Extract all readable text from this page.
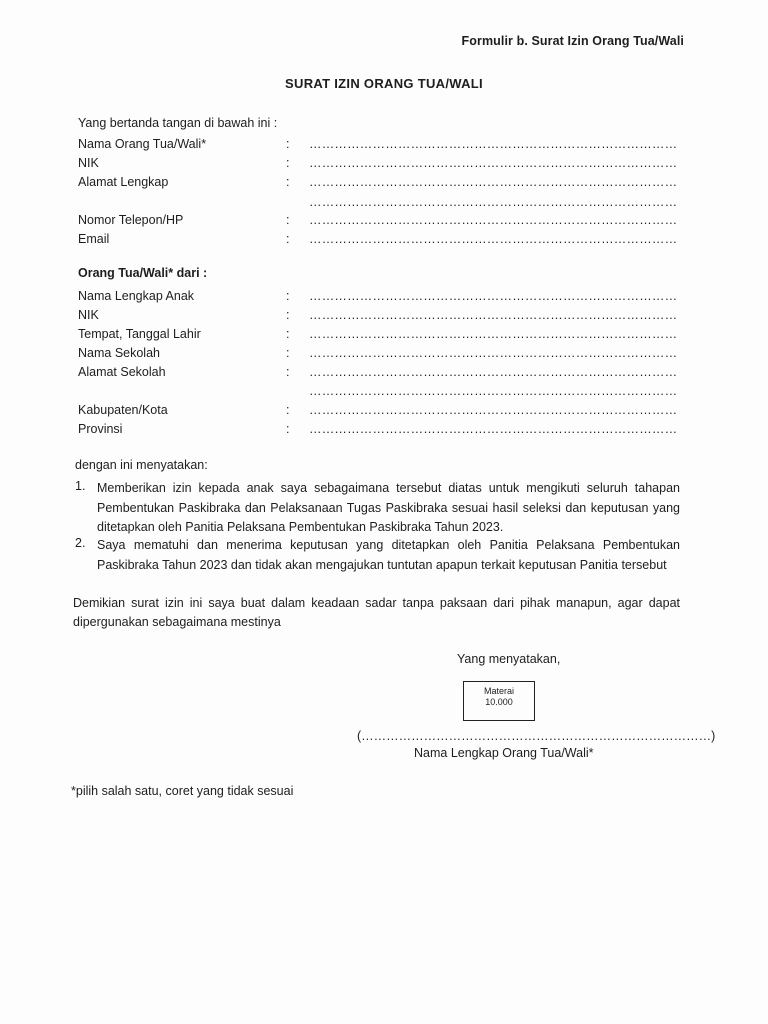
Formulir b. Surat Izin Orang Tua/Wali
SURAT IZIN ORANG TUA/WALI
Yang bertanda tangan di bawah ini :
Nama Orang Tua/Wali*	: ……………………………………………………………………………
NIK	: ……………………………………………………………………………
Alamat Lengkap	: ……………………………………………………………………………
……………………………………………………………………………
Nomor Telepon/HP	: ……………………………………………………………………………
Email	: ……………………………………………………………………………
Orang Tua/Wali* dari :
Nama Lengkap Anak	: ……………………………………………………………………………
NIK	: ……………………………………………………………………………
Tempat, Tanggal Lahir	: ……………………………………………………………………………
Nama Sekolah	: ……………………………………………………………………………
Alamat Sekolah	: ……………………………………………………………………………
……………………………………………………………………………
Kabupaten/Kota	: ……………………………………………………………………………
Provinsi	: ……………………………………………………………………………
dengan ini menyatakan:
1. Memberikan izin kepada anak saya sebagaimana tersebut diatas untuk mengikuti seluruh tahapan Pembentukan Paskibraka dan Pelaksanaan Tugas Paskibraka sesuai hasil seleksi dan keputusan yang ditetapkan oleh Panitia Pelaksana Pembentukan Paskibraka Tahun 2023.
2. Saya mematuhi dan menerima keputusan yang ditetapkan oleh Panitia Pelaksana Pembentukan Paskibraka Tahun 2023 dan tidak akan mengajukan tuntutan apapun terkait keputusan Panitia tersebut
Demikian surat izin ini saya buat dalam keadaan sadar tanpa paksaan dari pihak manapun, agar dapat dipergunakan sebagaimana mestinya
Yang menyatakan,
Materai
10.000
(…………………………………………………………………………)
Nama Lengkap Orang Tua/Wali*
*pilih salah satu, coret yang tidak sesuai
